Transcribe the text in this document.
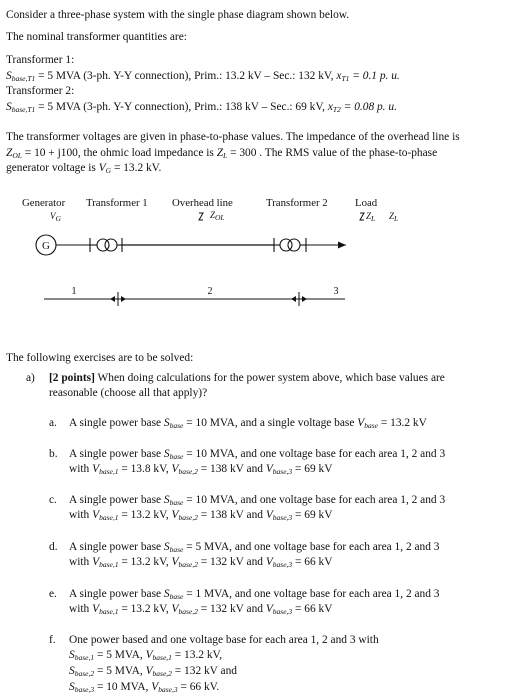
Consider a three-phase system with the single phase diagram shown below.
The nominal transformer quantities are:
Transformer 1:
$S_{base,T1} = 5$ MVA (3-ph. Y-Y connection), Prim.: 13.2 kV – Sec.: 132 kV, $x_{T1} = 0.1$ p. u.
Transformer 2:
$S_{base,T1} = 5$ MVA (3-ph. Y-Y connection), Prim.: 138 kV – Sec.: 69 kV, $x_{T2} = 0.08$ p. u.
The transformer voltages are given in phase-to-phase values. The impedance of the overhead line is
$Z_{OL} = 10 + j100$, the ohmic load impedance is $Z_L = 300$ . The RMS value of the phase-to-phase
generator voltage is $V_G = 13.2$ kV.
Generator Transformer 1 Overhead line	Transformer 2	Load
$V_G$	$Z_{OL}$	$Z_L$ $Z_L$
G
1	2	3
The following exercises are to be solved:
a) [2 points] When doing calculations for the power system above, which base values are
reasonable (choose all that apply)?
a. A single power base $S_{base} = 10$ MVA, and a single voltage base $V_{base} = 13.2$ kV
b. A single power base $S_{base} = 10$ MVA, and one voltage base for each area 1, 2 and 3
with $V_{base,1} = 13.8$ kV, $V_{base,2} = 138$ kV and $V_{base,3} = 69$ kV
c. A single power base $S_{base} = 10$ MVA, and one voltage base for each area 1, 2 and 3
with $V_{base,1} = 13.2$ kV, $V_{base,2} = 138$ kV and $V_{base,3} = 69$ kV
d. A single power base $S_{base} = 5$ MVA, and one voltage base for each area 1, 2 and 3
with $V_{base,1} = 13.2$ kV, $V_{base,2} = 132$ kV and $V_{base,3} = 66$ kV
e. A single power base $S_{base} = 1$ MVA, and one voltage base for each area 1, 2 and 3
with $V_{base,1} = 13.2$ kV, $V_{base,2} = 132$ kV and $V_{base,3} = 66$ kV
f. One power based and one voltage base for each area 1, 2 and 3 with
$S_{base,1} = 5$ MVA, $V_{base,1} = 13.2$ kV,
$S_{base,2} = 5$ MVA, $V_{base,2} = 132$ kV and
$S_{base,3} = 10$ MVA, $V_{base,3} = 66$ kV.
